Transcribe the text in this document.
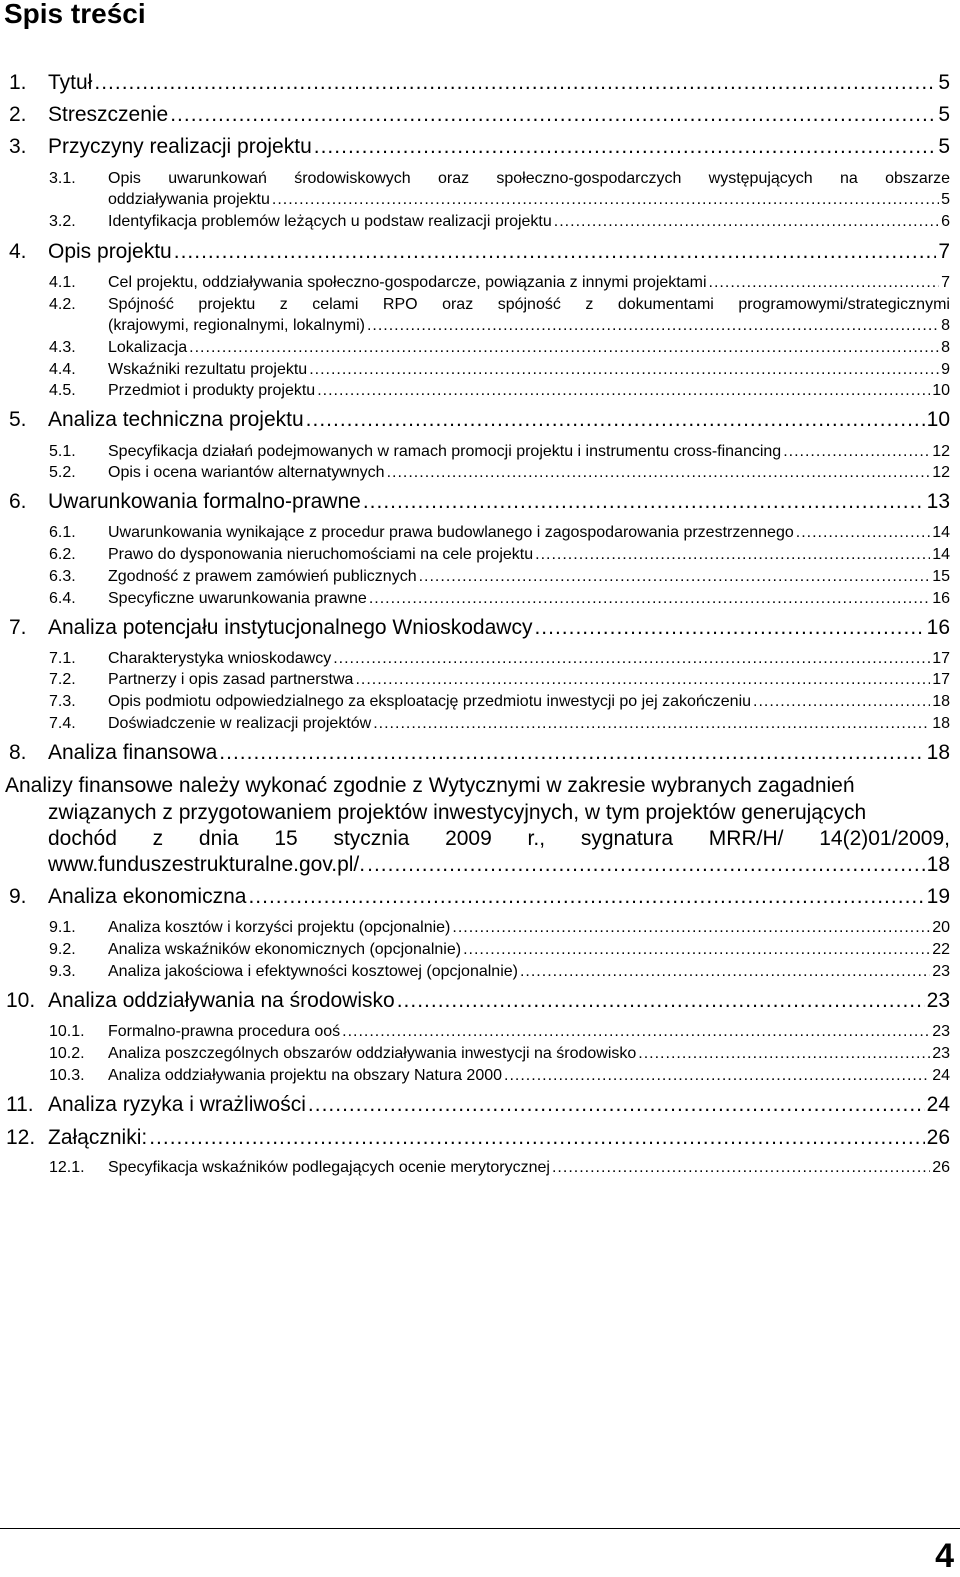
Spis treści
1. Tytuł .....	5
2. Streszczenie .....	5
3. Przyczyny realizacji projektu .....	5
3.1. Opis uwarunkowań środowiskowych oraz społeczno-gospodarczych występujących na obszarze
oddziaływania projektu .....	5
3.2. Identyfikacja problemów leżących u podstaw realizacji projektu .....	6
4. Opis projektu .....	7
4.1. Cel projektu, oddziaływania społeczno-gospodarcze, powiązania z innymi projektami .....	7
4.2. Spójność projektu z celami RPO oraz spójność z dokumentami programowymi/strategicznymi
(krajowymi, regionalnymi, lokalnymi) .....	8
4.3. Lokalizacja .....	8
4.4. Wskaźniki rezultatu projektu .....	9
4.5. Przedmiot i produkty projektu .....	10
5. Analiza techniczna projektu .....	10
5.1. Specyfikacja działań podejmowanych w ramach promocji projektu i instrumentu cross-financing .....	12
5.2. Opis i ocena wariantów alternatywnych .....	12
6. Uwarunkowania formalno-prawne .....	13
6.1. Uwarunkowania wynikające z procedur prawa budowlanego i zagospodarowania przestrzennego .....	14
6.2. Prawo do dysponowania nieruchomościami na cele projektu .....	14
6.3. Zgodność z prawem zamówień publicznych .....	15
6.4. Specyficzne uwarunkowania prawne .....	16
7. Analiza potencjału instytucjonalnego Wnioskodawcy .....	16
7.1. Charakterystyka wnioskodawcy .....	17
7.2. Partnerzy i opis zasad partnerstwa .....	17
7.3. Opis podmiotu odpowiedzialnego za eksploatację przedmiotu inwestycji po jej zakończeniu .....	18
7.4. Doświadczenie w realizacji projektów .....	18
8. Analiza finansowa .....	18
Analizy finansowe należy wykonać zgodnie z Wytycznymi w zakresie wybranych zagadnień
związanych z przygotowaniem projektów inwestycyjnych, w tym projektów generujących
dochód z dnia 15 stycznia 2009 r., sygnatura MRR/H/ 14(2)01/2009,
www.funduszestrukturalne.gov.pl/. .....	18
9. Analiza ekonomiczna .....	19
9.1. Analiza kosztów i korzyści projektu (opcjonalnie) .....	20
9.2. Analiza wskaźników ekonomicznych (opcjonalnie) .....	22
9.3. Analiza jakościowa i efektywności kosztowej (opcjonalnie) .....	23
10. Analiza oddziaływania na środowisko .....	23
10.1. Formalno-prawna procedura ooś .....	23
10.2. Analiza poszczególnych obszarów oddziaływania inwestycji na środowisko .....	23
10.3. Analiza oddziaływania projektu na obszary Natura 2000 .....	24
11. Analiza ryzyka i wrażliwości .....	24
12. Załączniki: .....	26
12.1. Specyfikacja wskaźników podlegających ocenie merytorycznej .....	26
4
